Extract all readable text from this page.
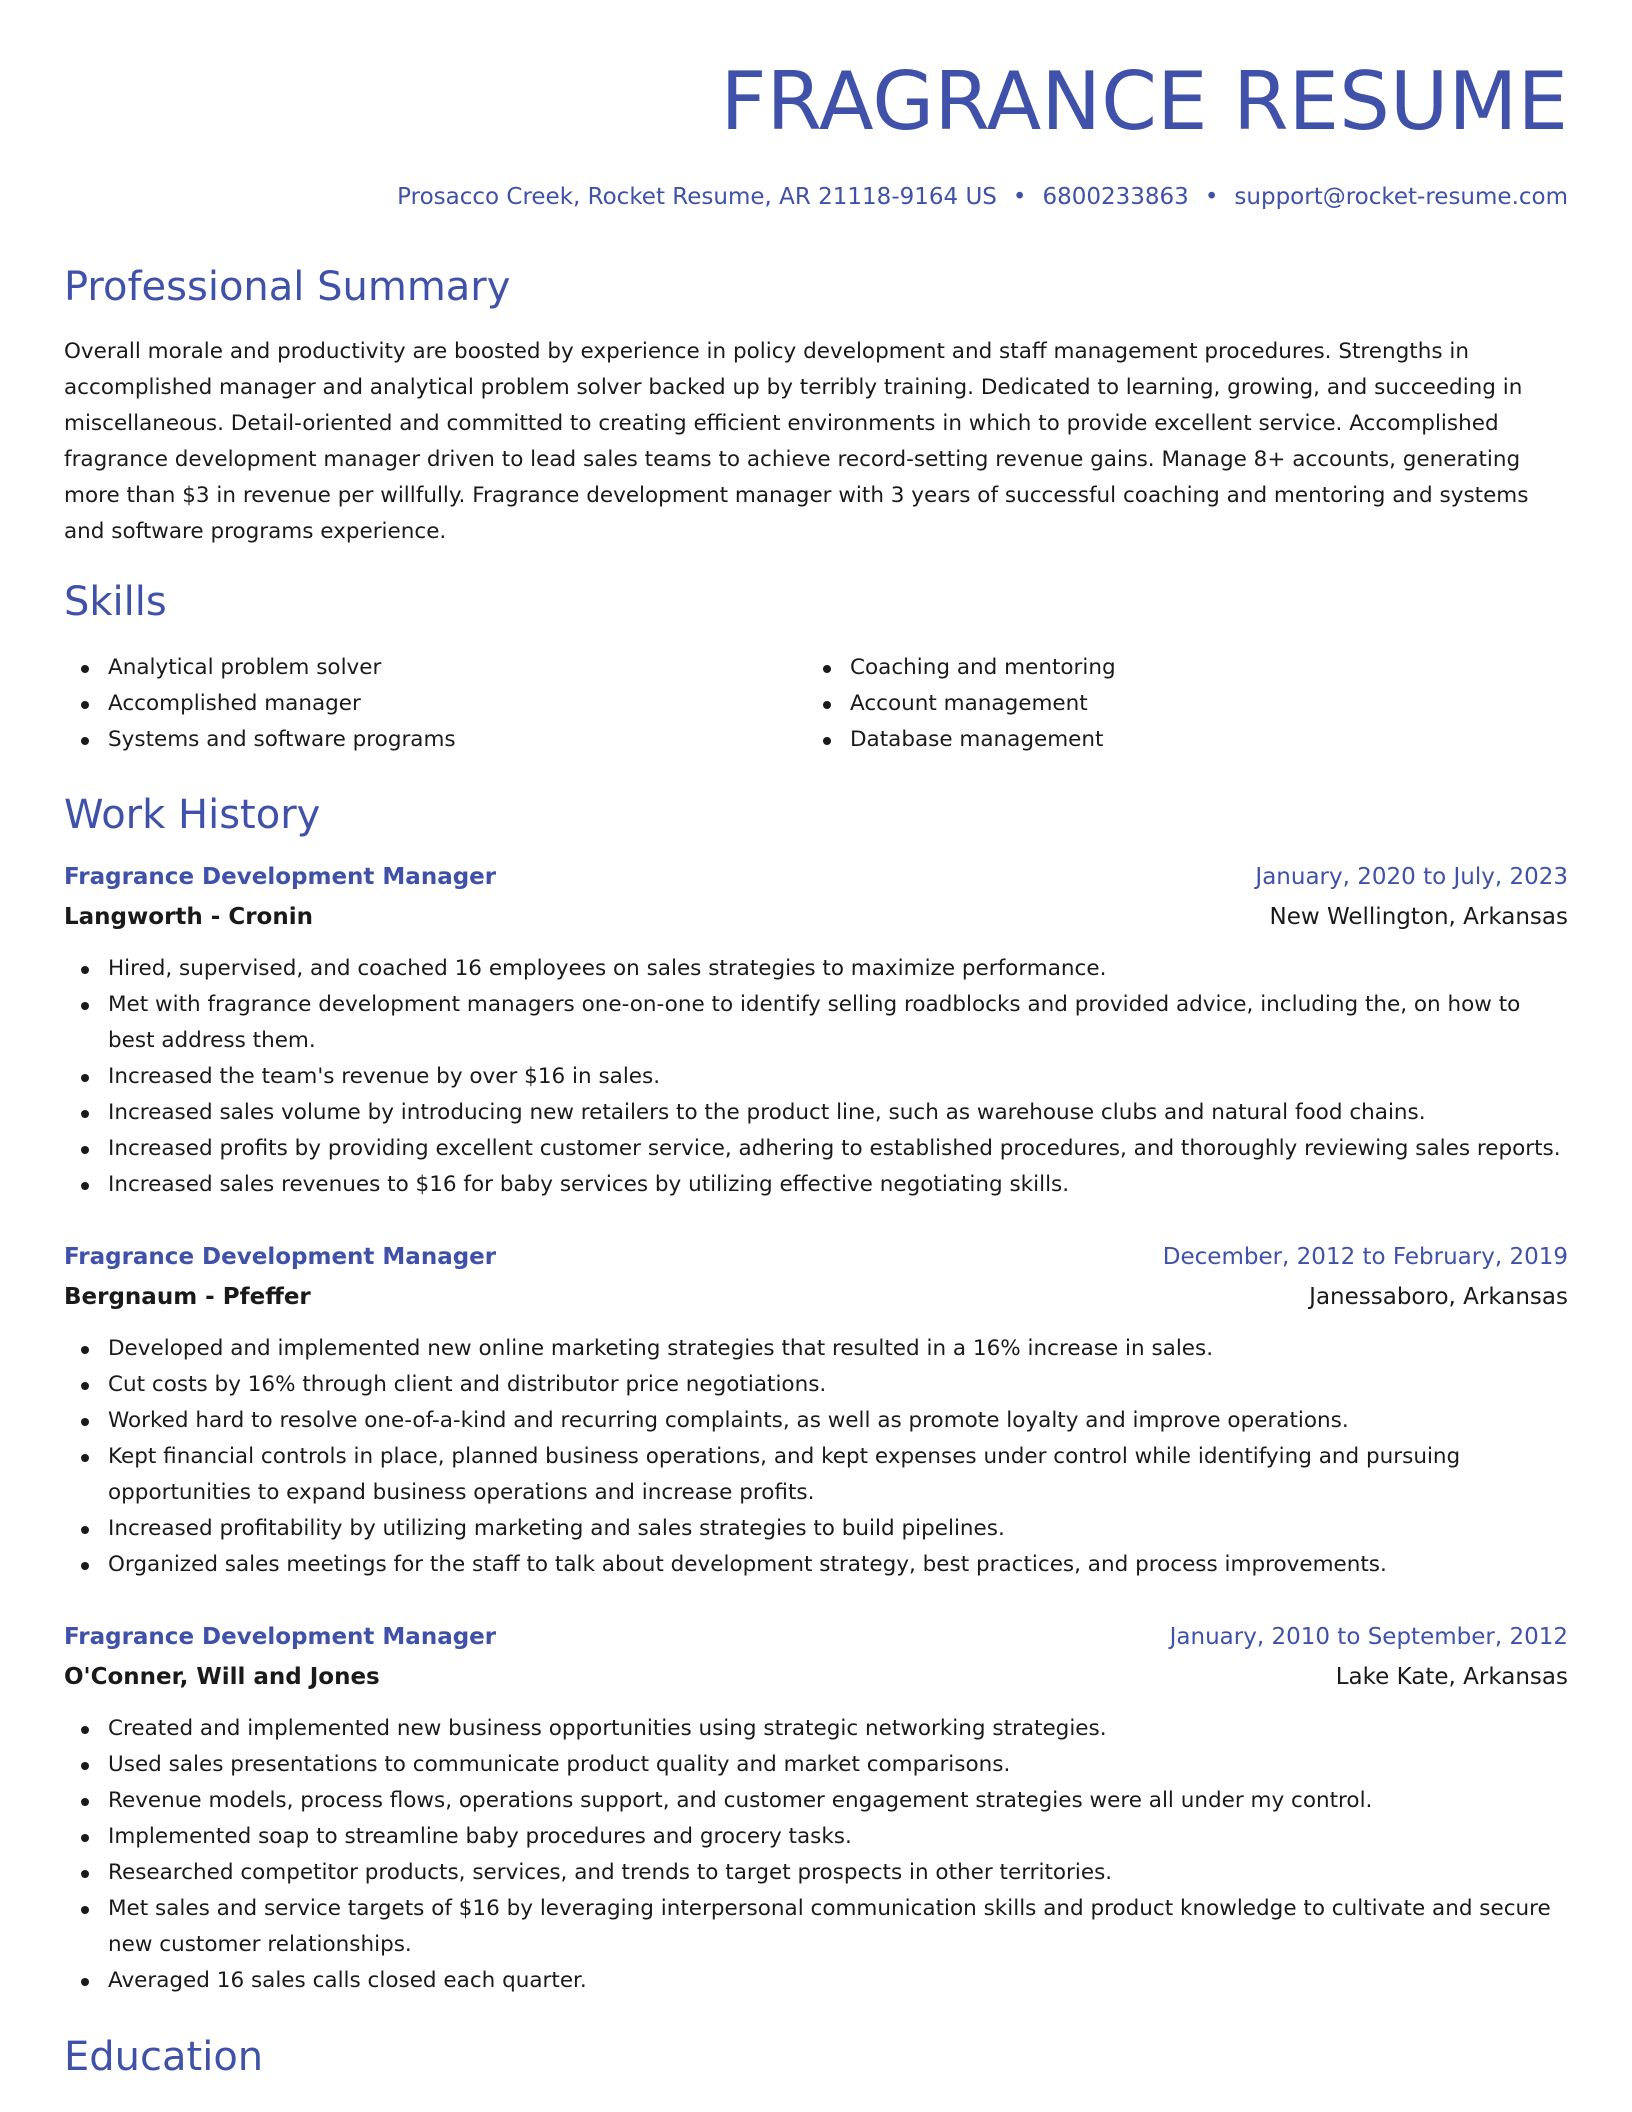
FRAGRANCE RESUME
Prosacco Creek, Rocket Resume, AR 21118-9164 US • 6800233863 • support@rocket-resume.com
Professional Summary
Overall morale and productivity are boosted by experience in policy development and staff management procedures. Strengths in accomplished manager and analytical problem solver backed up by terribly training. Dedicated to learning, growing, and succeeding in miscellaneous. Detail-oriented and committed to creating efficient environments in which to provide excellent service. Accomplished fragrance development manager driven to lead sales teams to achieve record-setting revenue gains. Manage 8+ accounts, generating more than $3 in revenue per willfully. Fragrance development manager with 3 years of successful coaching and mentoring and systems and software programs experience.
Skills
Analytical problem solver
Accomplished manager
Systems and software programs
Coaching and mentoring
Account management
Database management
Work History
Fragrance Development Manager	January, 2020 to July, 2023
Langworth - Cronin	New Wellington, Arkansas
Hired, supervised, and coached 16 employees on sales strategies to maximize performance.
Met with fragrance development managers one-on-one to identify selling roadblocks and provided advice, including the, on how to best address them.
Increased the team's revenue by over $16 in sales.
Increased sales volume by introducing new retailers to the product line, such as warehouse clubs and natural food chains.
Increased profits by providing excellent customer service, adhering to established procedures, and thoroughly reviewing sales reports.
Increased sales revenues to $16 for baby services by utilizing effective negotiating skills.
Fragrance Development Manager	December, 2012 to February, 2019
Bergnaum - Pfeffer	Janessaboro, Arkansas
Developed and implemented new online marketing strategies that resulted in a 16% increase in sales.
Cut costs by 16% through client and distributor price negotiations.
Worked hard to resolve one-of-a-kind and recurring complaints, as well as promote loyalty and improve operations.
Kept financial controls in place, planned business operations, and kept expenses under control while identifying and pursuing opportunities to expand business operations and increase profits.
Increased profitability by utilizing marketing and sales strategies to build pipelines.
Organized sales meetings for the staff to talk about development strategy, best practices, and process improvements.
Fragrance Development Manager	January, 2010 to September, 2012
O'Conner, Will and Jones	Lake Kate, Arkansas
Created and implemented new business opportunities using strategic networking strategies.
Used sales presentations to communicate product quality and market comparisons.
Revenue models, process flows, operations support, and customer engagement strategies were all under my control.
Implemented soap to streamline baby procedures and grocery tasks.
Researched competitor products, services, and trends to target prospects in other territories.
Met sales and service targets of $16 by leveraging interpersonal communication skills and product knowledge to cultivate and secure new customer relationships.
Averaged 16 sales calls closed each quarter.
Education
